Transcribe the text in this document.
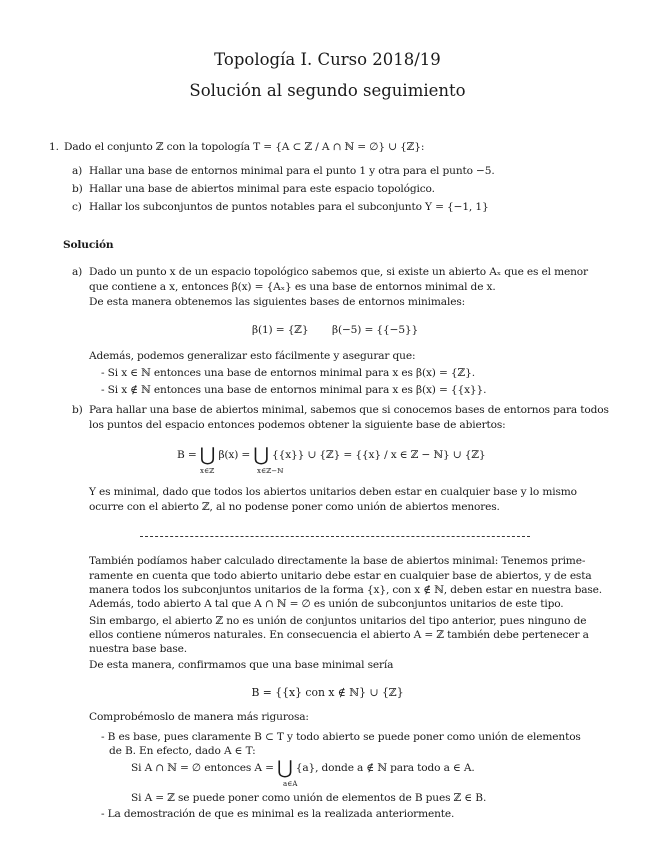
Topología I. Curso 2018/19
Solución al segundo seguimiento
1. Dado el conjunto ℤ con la topología T = {A ⊂ ℤ / A ∩ ℕ = ∅} ∪ {ℤ}:
a) Hallar una base de entornos minimal para el punto 1 y otra para el punto −5.
b) Hallar una base de abiertos minimal para este espacio topológico.
c) Hallar los subconjuntos de puntos notables para el subconjunto Y = {−1, 1}
Solución
a) Dado un punto x de un espacio topológico sabemos que, si existe un abierto Aₓ que es el menor
que contiene a x, entonces β(x) = {Aₓ} es una base de entornos minimal de x.
De esta manera obtenemos las siguientes bases de entornos minimales:
β(1) = {ℤ} β(−5) = {{−5}}
Además, podemos generalizar esto fácilmente y asegurar que:
- Si x ∈ ℕ entonces una base de entornos minimal para x es β(x) = {ℤ}.
- Si x ∉ ℕ entonces una base de entornos minimal para x es β(x) = {{x}}.
b) Para hallar una base de abiertos minimal, sabemos que si conocemos bases de entornos para todos
los puntos del espacio entonces podemos obtener la siguiente base de abiertos:
B = ⋃ β(x) = ⋃ {{x}} ∪ {ℤ} = {{x} / x ∈ ℤ − ℕ} ∪ {ℤ}
x∈ℤ	x∈ℤ−ℕ
Y es minimal, dado que todos los abiertos unitarios deben estar en cualquier base y lo mismo
ocurre con el abierto ℤ, al no podense poner como unión de abiertos menores.
También podíamos haber calculado directamente la base de abiertos minimal: Tenemos prime-
ramente en cuenta que todo abierto unitario debe estar en cualquier base de abiertos, y de esta
manera todos los subconjuntos unitarios de la forma {x}, con x ∉ ℕ, deben estar en nuestra base.
Además, todo abierto A tal que A ∩ ℕ = ∅ es unión de subconjuntos unitarios de este tipo.
Sin embargo, el abierto ℤ no es unión de conjuntos unitarios del tipo anterior, pues ninguno de
ellos contiene números naturales. En consecuencia el abierto A = ℤ también debe pertenecer a
nuestra base base.
De esta manera, confirmamos que una base minimal sería
B = {{x} con x ∉ ℕ} ∪ {ℤ}
Comprobémoslo de manera más rigurosa:
- B es base, pues claramente B ⊂ T y todo abierto se puede poner como unión de elementos
de B. En efecto, dado A ∈ T:
Si A ∩ ℕ = ∅ entonces A = ⋃ {a}, donde a ∉ ℕ para todo a ∈ A.
a∈A
Si A = ℤ se puede poner como unión de elementos de B pues ℤ ∈ B.
- La demostración de que es minimal es la realizada anteriormente.
